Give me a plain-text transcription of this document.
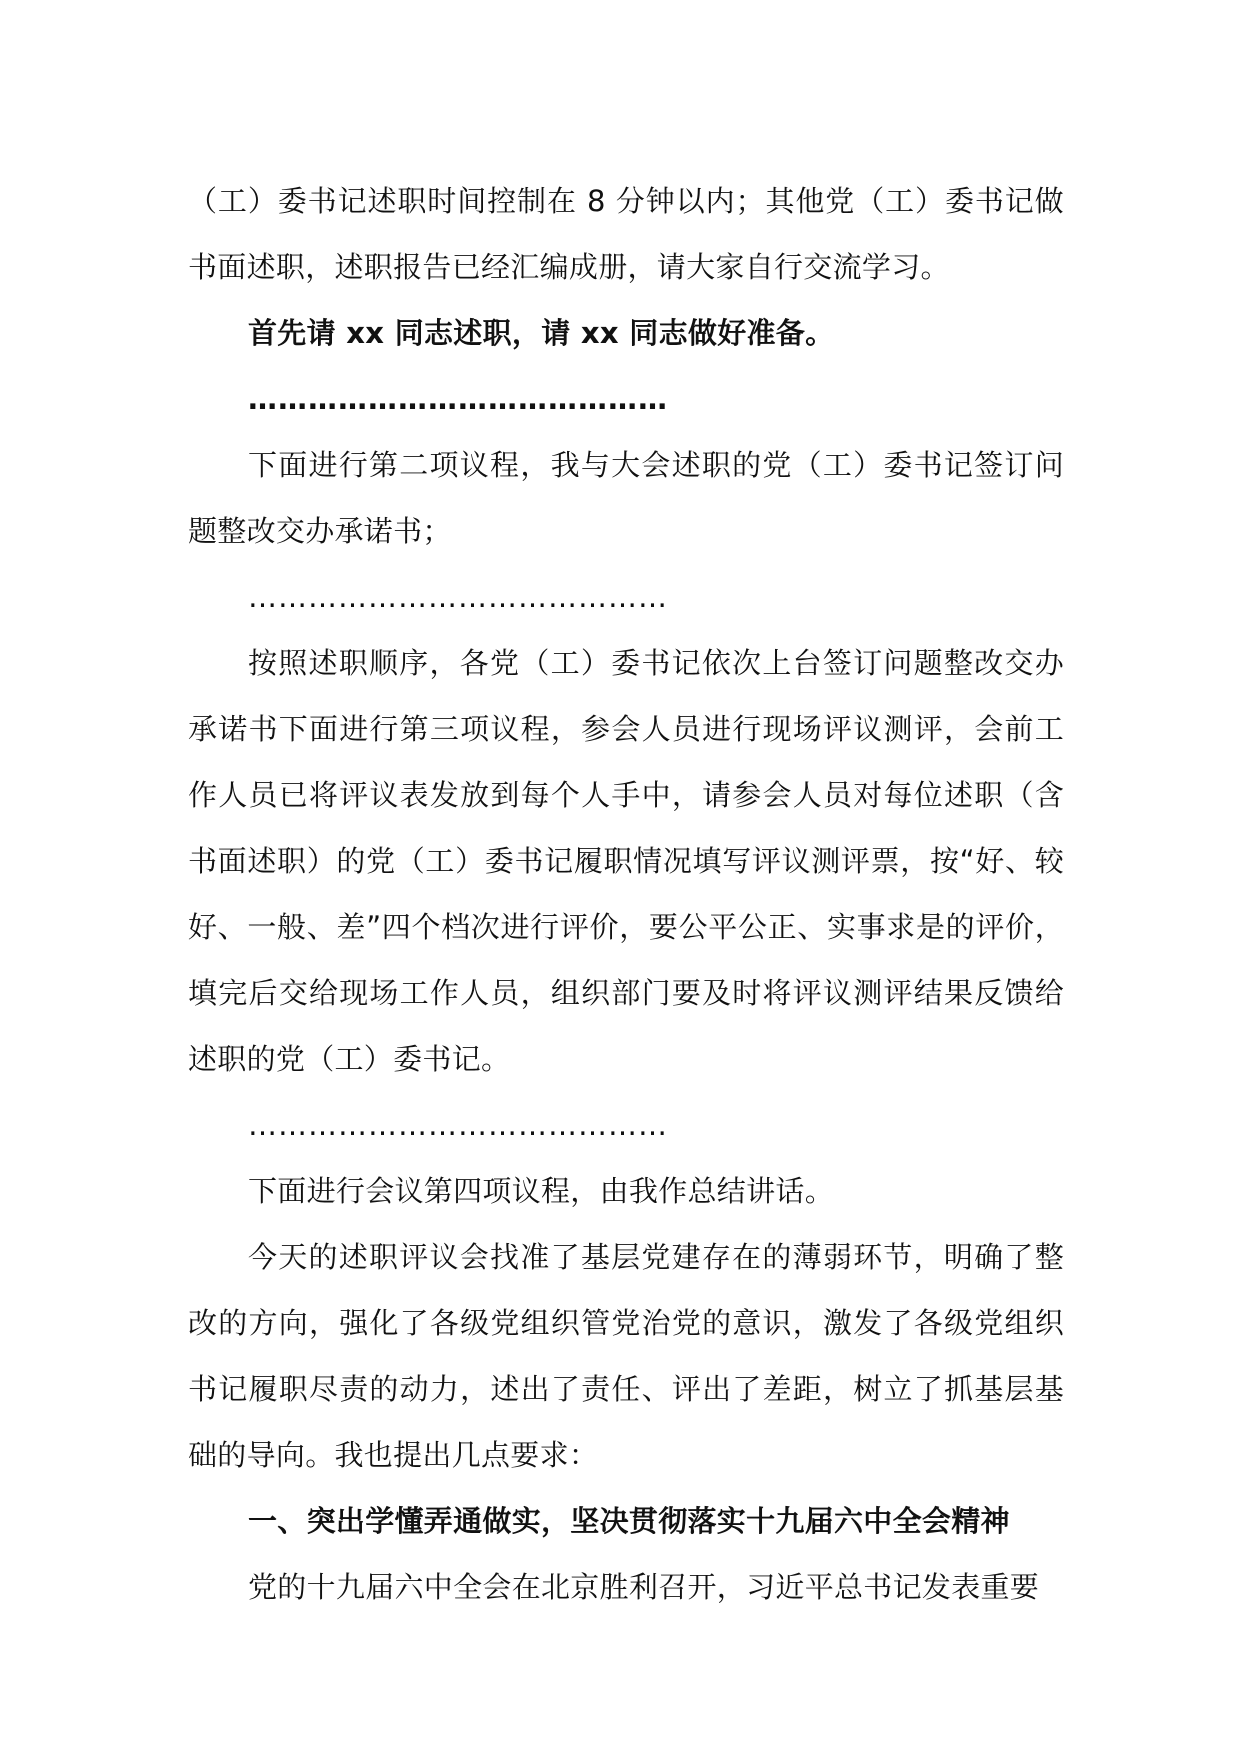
（工）委书记述职时间控制在 8 分钟以内；其他党（工）委书记做书面述职，述职报告已经汇编成册，请大家自行交流学习。

首先请 xx 同志述职，请 xx 同志做好准备。

……………………………………

下面进行第二项议程，我与大会述职的党（工）委书记签订问题整改交办承诺书；

……………………………………

按照述职顺序，各党（工）委书记依次上台签订问题整改交办承诺书下面进行第三项议程，参会人员进行现场评议测评，会前工作人员已将评议表发放到每个人手中，请参会人员对每位述职（含书面述职）的党（工）委书记履职情况填写评议测评票，按“好、较好、一般、差”四个档次进行评价，要公平公正、实事求是的评价，填完后交给现场工作人员，组织部门要及时将评议测评结果反馈给述职的党（工）委书记。

……………………………………

下面进行会议第四项议程，由我作总结讲话。

今天的述职评议会找准了基层党建存在的薄弱环节，明确了整改的方向，强化了各级党组织管党治党的意识，激发了各级党组织书记履职尽责的动力，述出了责任、评出了差距，树立了抓基层基础的导向。我也提出几点要求：

一、突出学懂弄通做实，坚决贯彻落实十九届六中全会精神

党的十九届六中全会在北京胜利召开，习近平总书记发表重要
